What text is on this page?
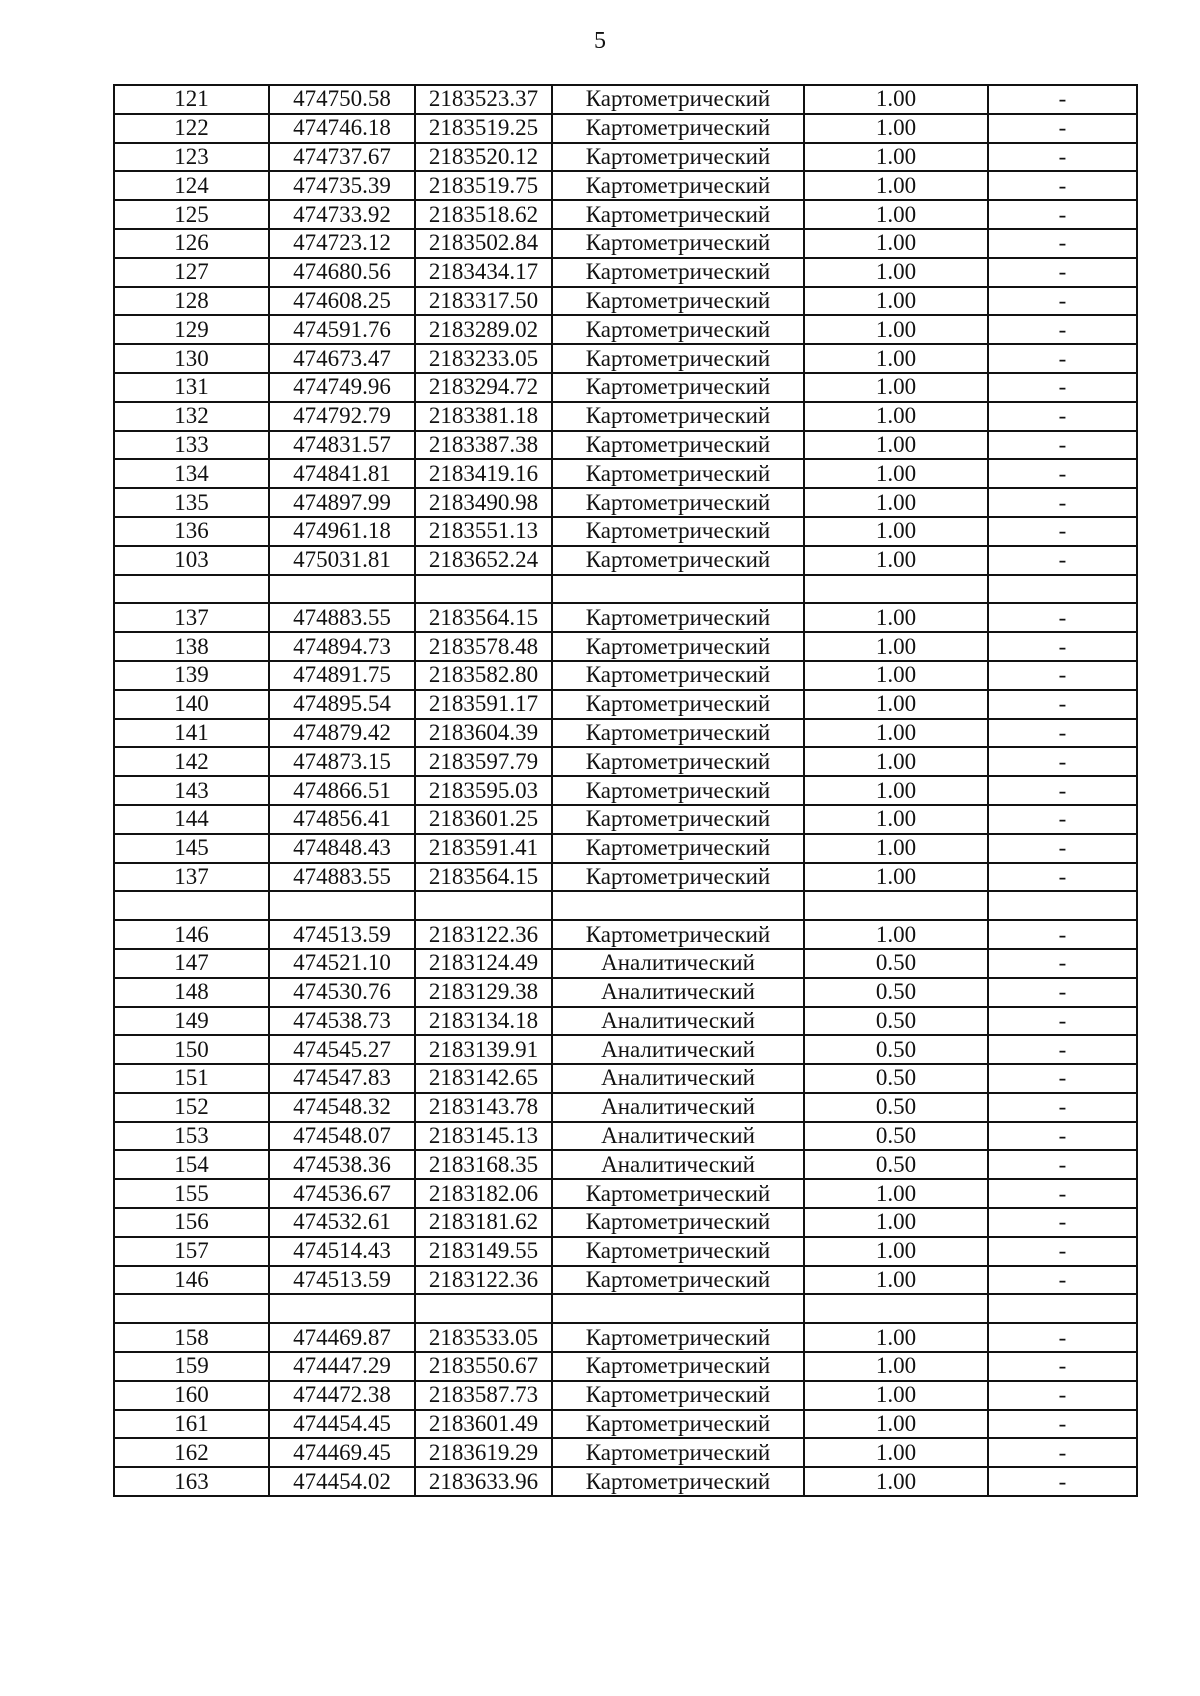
5
121	474750.58	2183523.37	Картометрический	1.00	-
122	474746.18	2183519.25	Картометрический	1.00	-
123	474737.67	2183520.12	Картометрический	1.00	-
124	474735.39	2183519.75	Картометрический	1.00	-
125	474733.92	2183518.62	Картометрический	1.00	-
126	474723.12	2183502.84	Картометрический	1.00	-
127	474680.56	2183434.17	Картометрический	1.00	-
128	474608.25	2183317.50	Картометрический	1.00	-
129	474591.76	2183289.02	Картометрический	1.00	-
130	474673.47	2183233.05	Картометрический	1.00	-
131	474749.96	2183294.72	Картометрический	1.00	-
132	474792.79	2183381.18	Картометрический	1.00	-
133	474831.57	2183387.38	Картометрический	1.00	-
134	474841.81	2183419.16	Картометрический	1.00	-
135	474897.99	2183490.98	Картометрический	1.00	-
136	474961.18	2183551.13	Картометрический	1.00	-
103	475031.81	2183652.24	Картометрический	1.00	-

137	474883.55	2183564.15	Картометрический	1.00	-
138	474894.73	2183578.48	Картометрический	1.00	-
139	474891.75	2183582.80	Картометрический	1.00	-
140	474895.54	2183591.17	Картометрический	1.00	-
141	474879.42	2183604.39	Картометрический	1.00	-
142	474873.15	2183597.79	Картометрический	1.00	-
143	474866.51	2183595.03	Картометрический	1.00	-
144	474856.41	2183601.25	Картометрический	1.00	-
145	474848.43	2183591.41	Картометрический	1.00	-
137	474883.55	2183564.15	Картометрический	1.00	-

146	474513.59	2183122.36	Картометрический	1.00	-
147	474521.10	2183124.49	Аналитический	0.50	-
148	474530.76	2183129.38	Аналитический	0.50	-
149	474538.73	2183134.18	Аналитический	0.50	-
150	474545.27	2183139.91	Аналитический	0.50	-
151	474547.83	2183142.65	Аналитический	0.50	-
152	474548.32	2183143.78	Аналитический	0.50	-
153	474548.07	2183145.13	Аналитический	0.50	-
154	474538.36	2183168.35	Аналитический	0.50	-
155	474536.67	2183182.06	Картометрический	1.00	-
156	474532.61	2183181.62	Картометрический	1.00	-
157	474514.43	2183149.55	Картометрический	1.00	-
146	474513.59	2183122.36	Картометрический	1.00	-

158	474469.87	2183533.05	Картометрический	1.00	-
159	474447.29	2183550.67	Картометрический	1.00	-
160	474472.38	2183587.73	Картометрический	1.00	-
161	474454.45	2183601.49	Картометрический	1.00	-
162	474469.45	2183619.29	Картометрический	1.00	-
163	474454.02	2183633.96	Картометрический	1.00	-
